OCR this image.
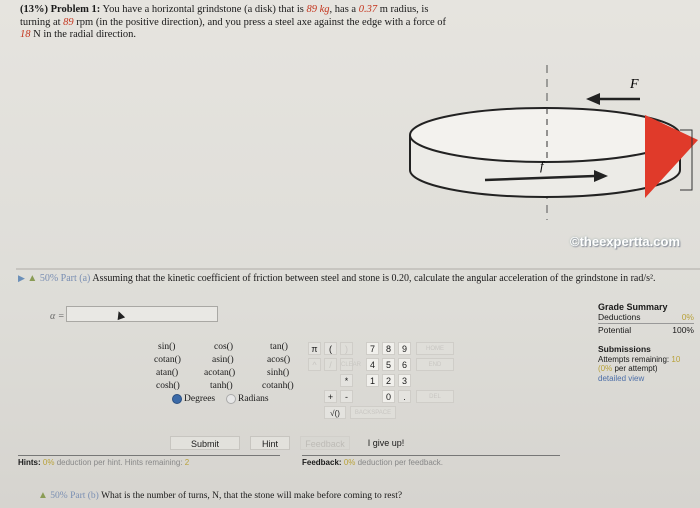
(13%) Problem 1: You have a horizontal grindstone (a disk) that is 89 kg, has a 0.37 m radius, is turning at 89 rpm (in the positive direction), and you press a steel axe against the edge with a force of 18 N in the radial direction.
F
f
©theexpertta.com
▶ ▲ 50% Part (a) Assuming that the kinetic coefficient of friction between steel and stone is 0.20, calculate the angular acceleration of the grindstone in rad/s².
α =
Grade Summary
Deductions	0%
Potential	100%
Submissions
Attempts remaining: 10
(0% per attempt)
detailed view
sin()	cos()	tan()
cotan()	asin()	acos()
atan()	acotan()	sinh()
cosh()	tanh()	cotanh()
Degrees	Radians
π	(	)	7	8	9	HOME
^	/	CLEAR 4	5	6	END
*	1	2	3
+	-	0	.	DEL
√()	BACKSPACE
Submit	Hint	Feedback	I give up!
Hints: 0% deduction per hint. Hints remaining: 2	Feedback: 0% deduction per feedback.
▲ 50% Part (b) What is the number of turns, N, that the stone will make before coming to rest?
